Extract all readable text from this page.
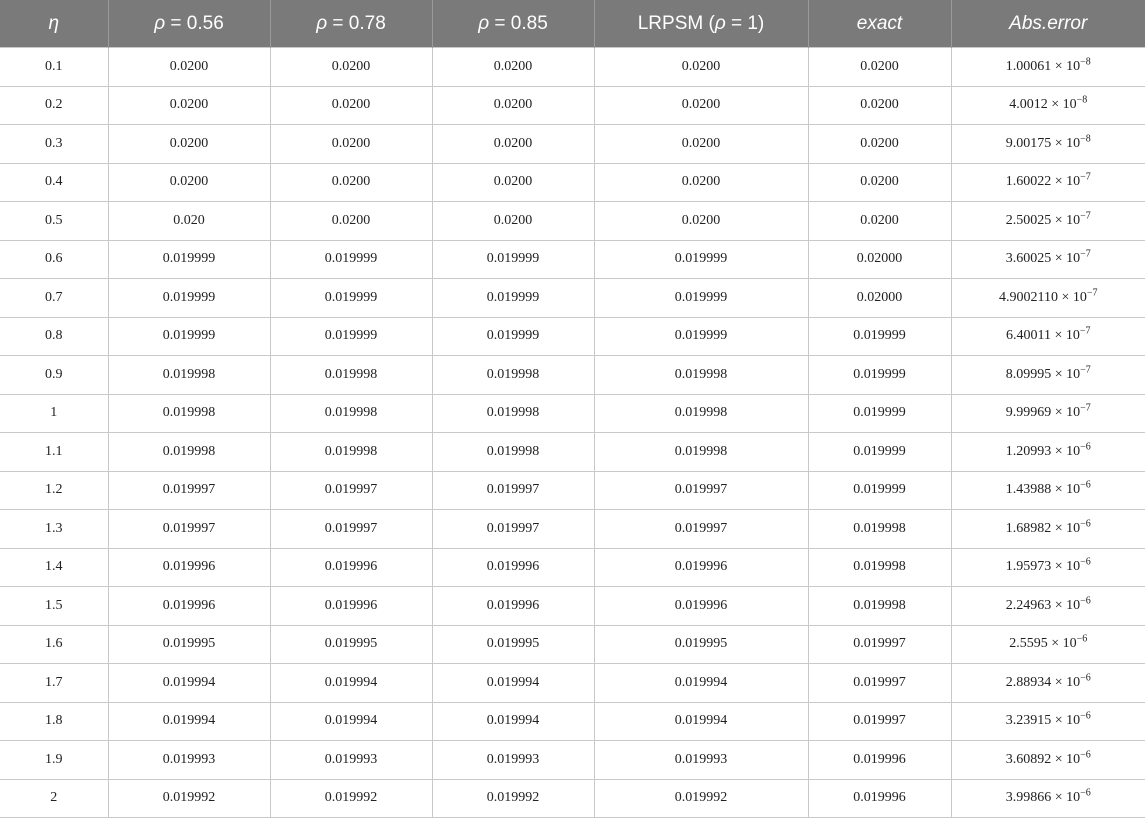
η	ρ = 0.56	ρ = 0.78	ρ = 0.85	LRPSM (ρ = 1)	exact	Abs.error
0.1	0.0200	0.0200	0.0200	0.0200	0.0200	$1.00061 \times 10^{-8}$
0.2	0.0200	0.0200	0.0200	0.0200	0.0200	$4.0012 \times 10^{-8}$
0.3	0.0200	0.0200	0.0200	0.0200	0.0200	$9.00175 \times 10^{-8}$
0.4	0.0200	0.0200	0.0200	0.0200	0.0200	$1.60022 \times 10^{-7}$
0.5	0.020	0.0200	0.0200	0.0200	0.0200	$2.50025 \times 10^{-7}$
0.6	0.019999	0.019999	0.019999	0.019999	0.02000	$3.60025 \times 10^{-7}$
0.7	0.019999	0.019999	0.019999	0.019999	0.02000	$4.9002110 \times 10^{-7}$
0.8	0.019999	0.019999	0.019999	0.019999	0.019999	$6.40011 \times 10^{-7}$
0.9	0.019998	0.019998	0.019998	0.019998	0.019999	$8.09995 \times 10^{-7}$
1	0.019998	0.019998	0.019998	0.019998	0.019999	$9.99969 \times 10^{-7}$
1.1	0.019998	0.019998	0.019998	0.019998	0.019999	$1.20993 \times 10^{-6}$
1.2	0.019997	0.019997	0.019997	0.019997	0.019999	$1.43988 \times 10^{-6}$
1.3	0.019997	0.019997	0.019997	0.019997	0.019998	$1.68982 \times 10^{-6}$
1.4	0.019996	0.019996	0.019996	0.019996	0.019998	$1.95973 \times 10^{-6}$
1.5	0.019996	0.019996	0.019996	0.019996	0.019998	$2.24963 \times 10^{-6}$
1.6	0.019995	0.019995	0.019995	0.019995	0.019997	$2.5595 \times 10^{-6}$
1.7	0.019994	0.019994	0.019994	0.019994	0.019997	$2.88934 \times 10^{-6}$
1.8	0.019994	0.019994	0.019994	0.019994	0.019997	$3.23915 \times 10^{-6}$
1.9	0.019993	0.019993	0.019993	0.019993	0.019996	$3.60892 \times 10^{-6}$
2	0.019992	0.019992	0.019992	0.019992	0.019996	$3.99866 \times 10^{-6}$
